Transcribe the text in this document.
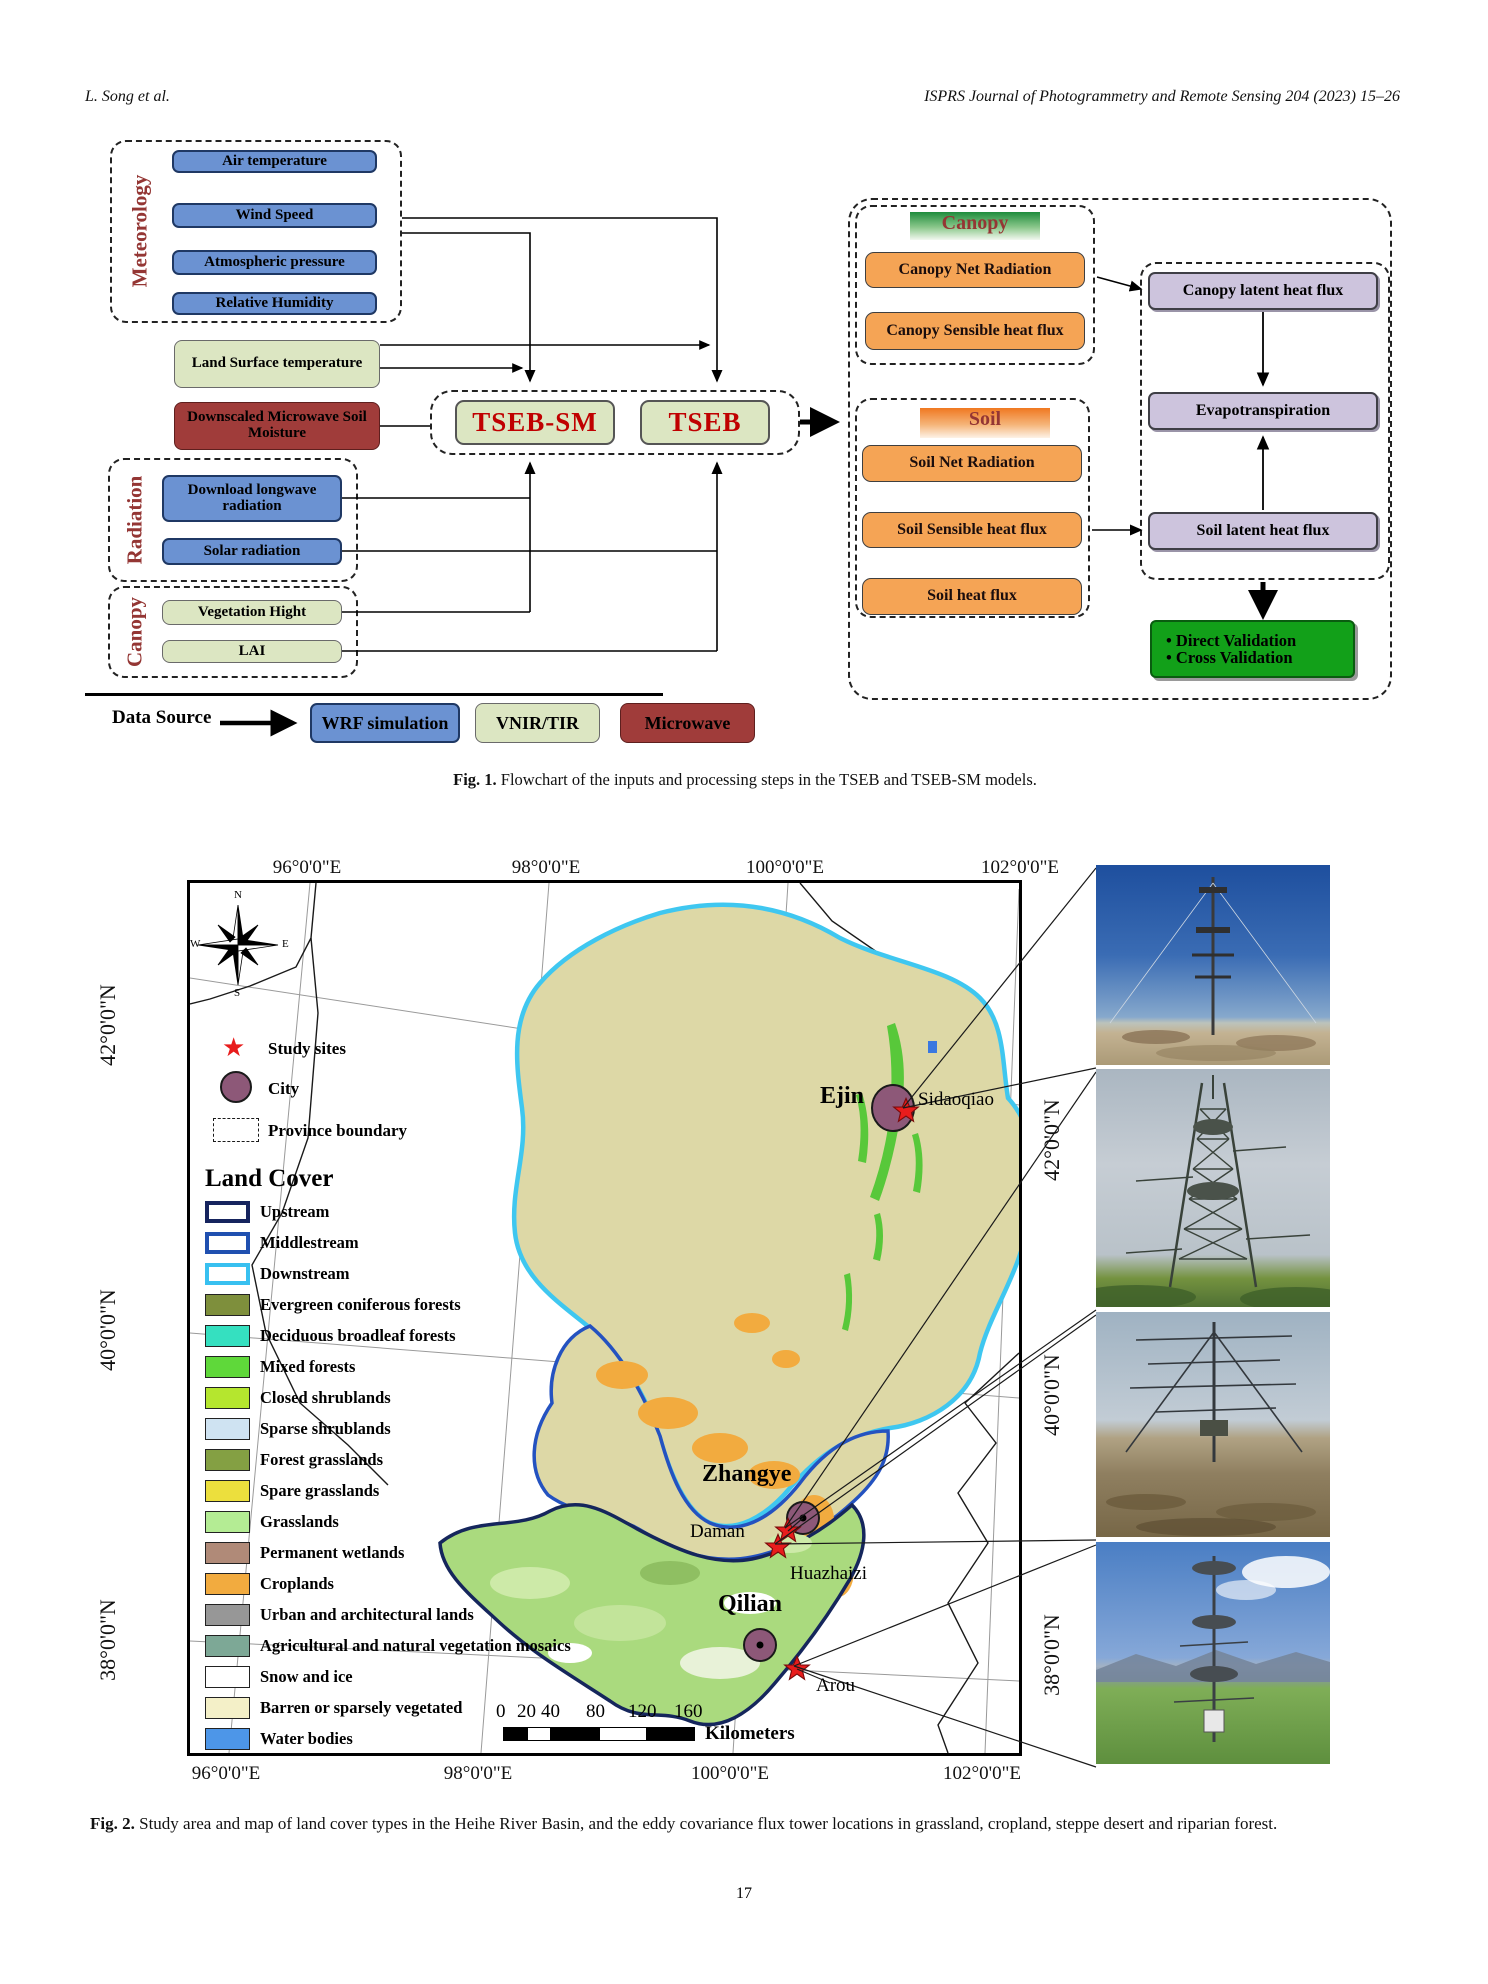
L. Song et al.	ISPRS Journal of Photogrammetry and Remote Sensing 204 (2023) 15–26
Meteorology
Air temperature
Wind Speed
Atmospheric pressure
Relative Humidity
Land Surface temperature
Downscaled Microwave Soil Moisture
Radiation	Download longwave radiation
Solar radiation
Canopy	Vegetation Hight
LAI
TSEB-SM	TSEB
Data Source	WRF simulation	VNIR/TIR	Microwave
Canopy
Canopy Net Radiation
Canopy Sensible heat flux
Soil
Soil Net Radiation
Soil Sensible heat flux
Soil heat flux
Canopy latent heat flux
Evapotranspiration
Soil latent heat flux
• Direct Validation
• Cross Validation
Fig. 1. Flowchart of the inputs and processing steps in the TSEB and TSEB-SM models.
96°0'0"E	98°0'0"E	100°0'0"E	102°0'0"E
96°0'0"E	98°0'0"E	100°0'0"E	102°0'0"E
42°0'0"N
40°0'0"N
38°0'0"N
42°0'0"N
40°0'0"N
38°0'0"N
N
E
S
W
★ Study sites
City
Province boundary
Land Cover
Upstream
Middlestream
Downstream
Evergreen coniferous forests
Deciduous broadleaf forests
Mixed forests
Closed shrublands
Sparse shrublands
Forest grasslands
Spare grasslands
Grasslands
Permanent wetlands
Croplands
Urban and architectural lands
Agricultural and natural vegetation mosaics
Snow and ice
Barren or sparsely vegetated
Water bodies
Ejin	Sidaoqiao
Zhangye
Daman
Huazhaizi
Qilian
Arou
0 20 40 80 120 160
Kilometers
Fig. 2. Study area and map of land cover types in the Heihe River Basin, and the eddy covariance flux tower locations in grassland, cropland, steppe desert and riparian forest.
17
